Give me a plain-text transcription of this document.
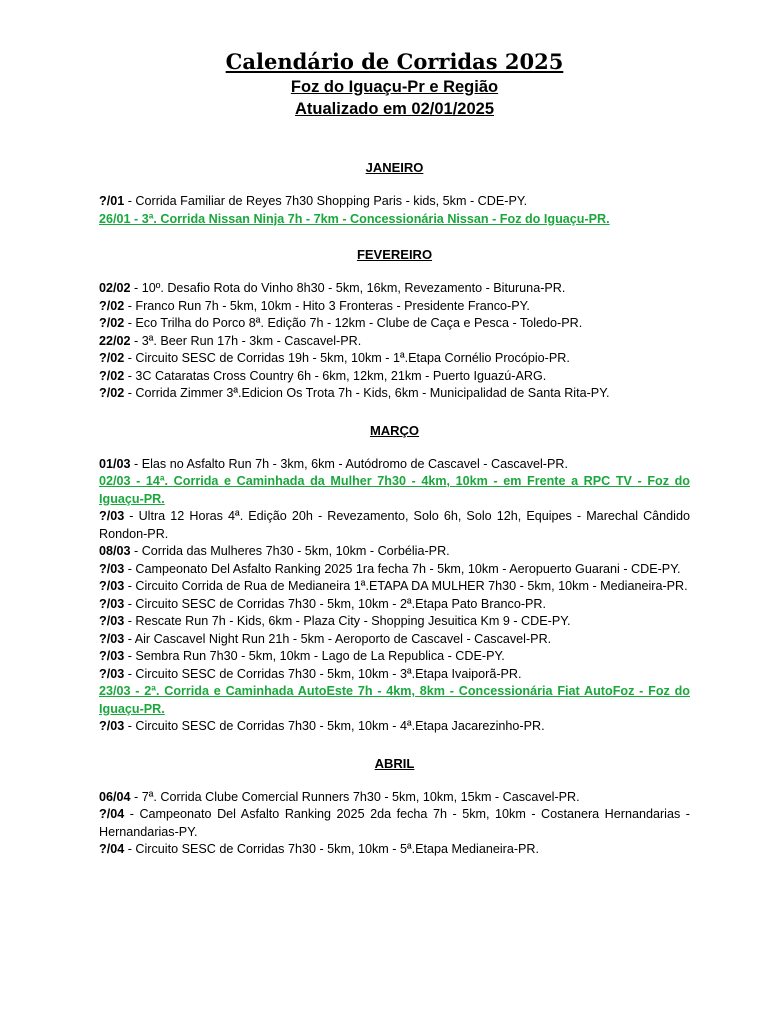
Calendário de Corridas 2025

Foz do Iguaçu-Pr e Região

Atualizado em 02/01/2025

JANEIRO

?/01 - Corrida Familiar de Reyes 7h30 Shopping Paris - kids, 5km - CDE-PY.

26/01 - 3ª. Corrida Nissan Ninja 7h - 7km - Concessionária Nissan - Foz do Iguaçu-PR.

FEVEREIRO

02/02 - 10º. Desafio Rota do Vinho 8h30 - 5km, 16km, Revezamento - Bituruna-PR.

?/02 - Franco Run 7h - 5km, 10km - Hito 3 Fronteras - Presidente Franco-PY.

?/02 - Eco Trilha do Porco 8ª. Edição 7h - 12km - Clube de Caça e Pesca - Toledo-PR.

22/02 - 3ª. Beer Run 17h - 3km - Cascavel-PR.

?/02 - Circuito SESC de Corridas 19h - 5km, 10km - 1ª.Etapa Cornélio Procópio-PR.

?/02 - 3C Cataratas Cross Country 6h - 6km, 12km, 21km - Puerto Iguazú-ARG.

?/02 - Corrida Zimmer 3ª.Edicion Os Trota 7h - Kids, 6km - Municipalidad de Santa Rita-PY.

MARÇO

01/03 - Elas no Asfalto Run 7h - 3km, 6km - Autódromo de Cascavel - Cascavel-PR.

02/03 - 14ª. Corrida e Caminhada da Mulher 7h30 - 4km, 10km - em Frente a RPC TV - Foz do Iguaçu-PR.

?/03 - Ultra 12 Horas 4ª. Edição 20h - Revezamento, Solo 6h, Solo 12h, Equipes - Marechal Cândido Rondon-PR.

08/03 - Corrida das Mulheres 7h30 - 5km, 10km - Corbélia-PR.

?/03 - Campeonato Del Asfalto Ranking 2025 1ra fecha 7h - 5km, 10km - Aeropuerto Guarani - CDE-PY.

?/03 - Circuito Corrida de Rua de Medianeira 1ª.ETAPA DA MULHER 7h30 - 5km, 10km - Medianeira-PR.

?/03 - Circuito SESC de Corridas 7h30 - 5km, 10km - 2ª.Etapa Pato Branco-PR.

?/03 - Rescate Run 7h - Kids, 6km - Plaza City - Shopping Jesuitica Km 9 - CDE-PY.

?/03 - Air Cascavel Night Run 21h - 5km - Aeroporto de Cascavel - Cascavel-PR.

?/03 - Sembra Run 7h30 - 5km, 10km - Lago de La Republica - CDE-PY.

?/03 - Circuito SESC de Corridas 7h30 - 5km, 10km - 3ª.Etapa Ivaiporã-PR.

23/03 - 2ª. Corrida e Caminhada AutoEste 7h - 4km, 8km - Concessionária Fiat AutoFoz - Foz do Iguaçu-PR.

?/03 - Circuito SESC de Corridas 7h30 - 5km, 10km - 4ª.Etapa Jacarezinho-PR.

ABRIL

06/04 - 7ª. Corrida Clube Comercial Runners 7h30 - 5km, 10km, 15km - Cascavel-PR.

?/04 - Campeonato Del Asfalto Ranking 2025 2da fecha 7h - 5km, 10km - Costanera Hernandarias - Hernandarias-PY.

?/04 - Circuito SESC de Corridas 7h30 - 5km, 10km - 5ª.Etapa Medianeira-PR.
